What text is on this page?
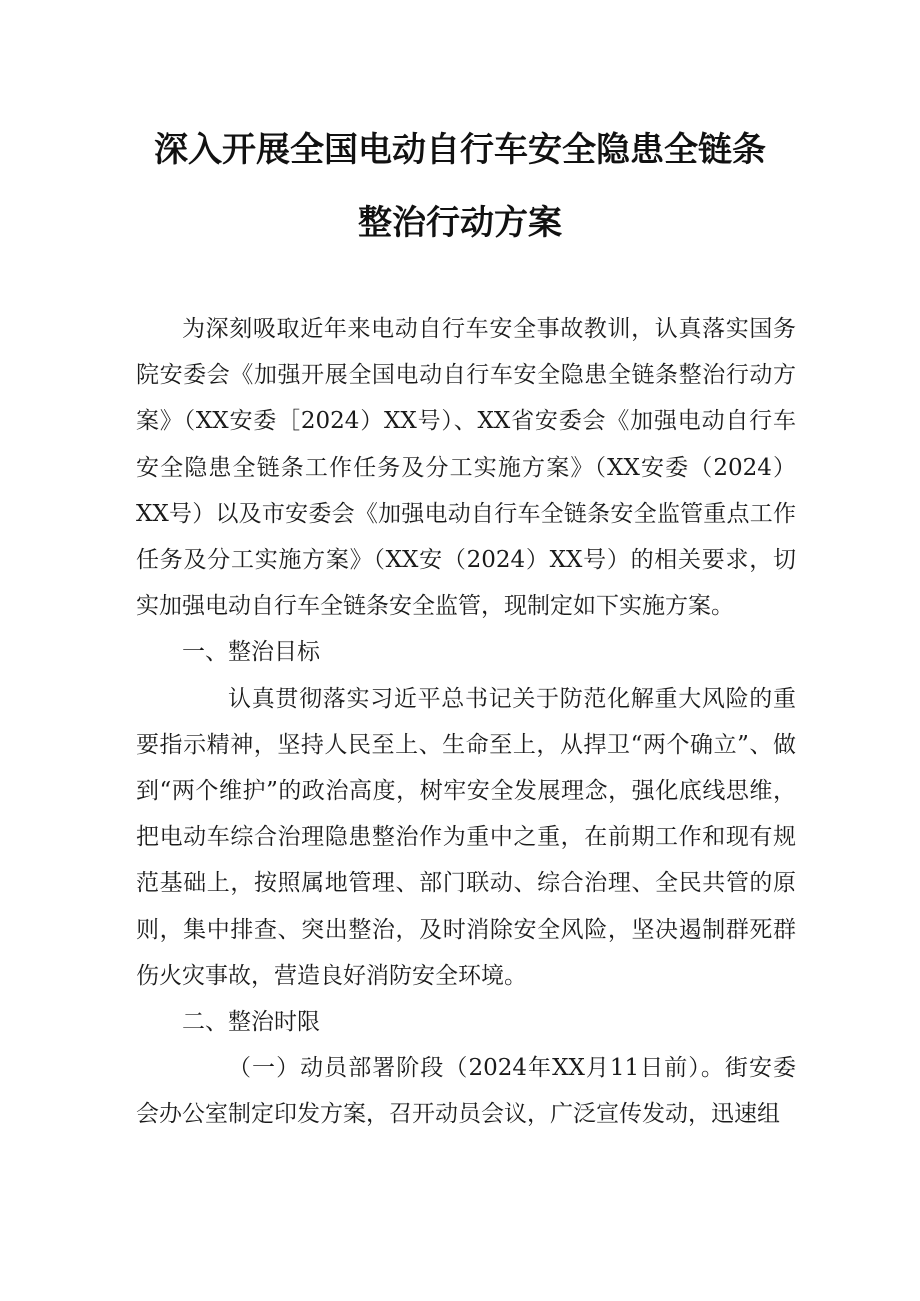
深入开展全国电动自行车安全隐患全链条
整治行动方案

为深刻吸取近年来电动自行车安全事故教训，认真落实国务院安委会《加强开展全国电动自行车安全隐患全链条整治行动方案》（XX安委［2024）XX号）、XX省安委会《加强电动自行车安全隐患全链条工作任务及分工实施方案》（XX安委（2024）XX号）以及市安委会《加强电动自行车全链条安全监管重点工作任务及分工实施方案》（XX安（2024）XX号）的相关要求，切实加强电动自行车全链条安全监管，现制定如下实施方案。

一、整治目标

认真贯彻落实习近平总书记关于防范化解重大风险的重要指示精神，坚持人民至上、生命至上，从捍卫“两个确立”、做到“两个维护”的政治高度，树牢安全发展理念，强化底线思维，把电动车综合治理隐患整治作为重中之重，在前期工作和现有规范基础上，按照属地管理、部门联动、综合治理、全民共管的原则，集中排查、突出整治，及时消除安全风险，坚决遏制群死群伤火灾事故，营造良好消防安全环境。

二、整治时限

（一）动员部署阶段（2024年XX月11日前）。街安委会办公室制定印发方案，召开动员会议，广泛宣传发动，迅速组
